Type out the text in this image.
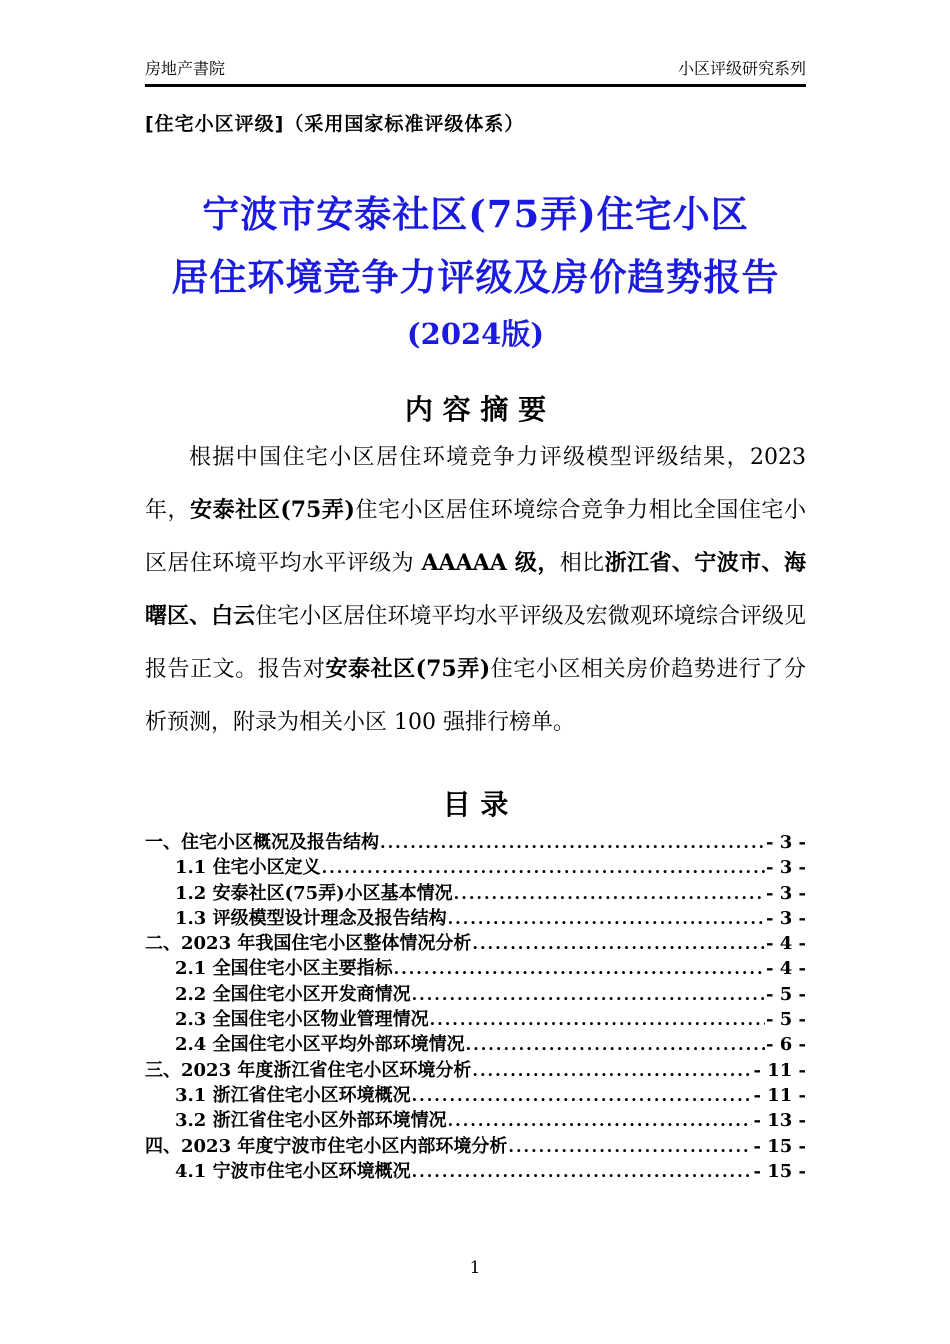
房地产書院	小区评级研究系列
[住宅小区评级]（采用国家标准评级体系）
宁波市安泰社区(75弄)住宅小区
居住环境竞争力评级及房价趋势报告
(2024版)
内 容 摘 要

根据中国住宅小区居住环境竞争力评级模型评级结果，2023 年，安泰社区(75弄)住宅小区居住环境综合竞争力相比全国住宅小区居住环境平均水平评级为 AAAAA 级，相比浙江省、宁波市、海曙区、白云住宅小区居住环境平均水平评级及宏微观环境综合评级见报告正文。报告对安泰社区(75弄)住宅小区相关房价趋势进行了分析预测，附录为相关小区 100 强排行榜单。

目 录
一、住宅小区概况及报告结构 .....	- 3 -
1.1 住宅小区定义 .....	- 3 -
1.2 安泰社区(75弄)小区基本情况 .....	- 3 -
1.3 评级模型设计理念及报告结构 .....	- 3 -
二、2023 年我国住宅小区整体情况分析 .....	- 4 -
2.1 全国住宅小区主要指标 .....	- 4 -
2.2 全国住宅小区开发商情况 .....	- 5 -
2.3 全国住宅小区物业管理情况 .....	- 5 -
2.4 全国住宅小区平均外部环境情况 .....	- 6 -
三、2023 年度浙江省住宅小区环境分析 .....	- 11 -
3.1 浙江省住宅小区环境概况 .....	- 11 -
3.2 浙江省住宅小区外部环境情况 .....	- 13 -
四、2023 年度宁波市住宅小区内部环境分析 .....	- 15 -
4.1 宁波市住宅小区环境概况 .....	- 15 -
1
